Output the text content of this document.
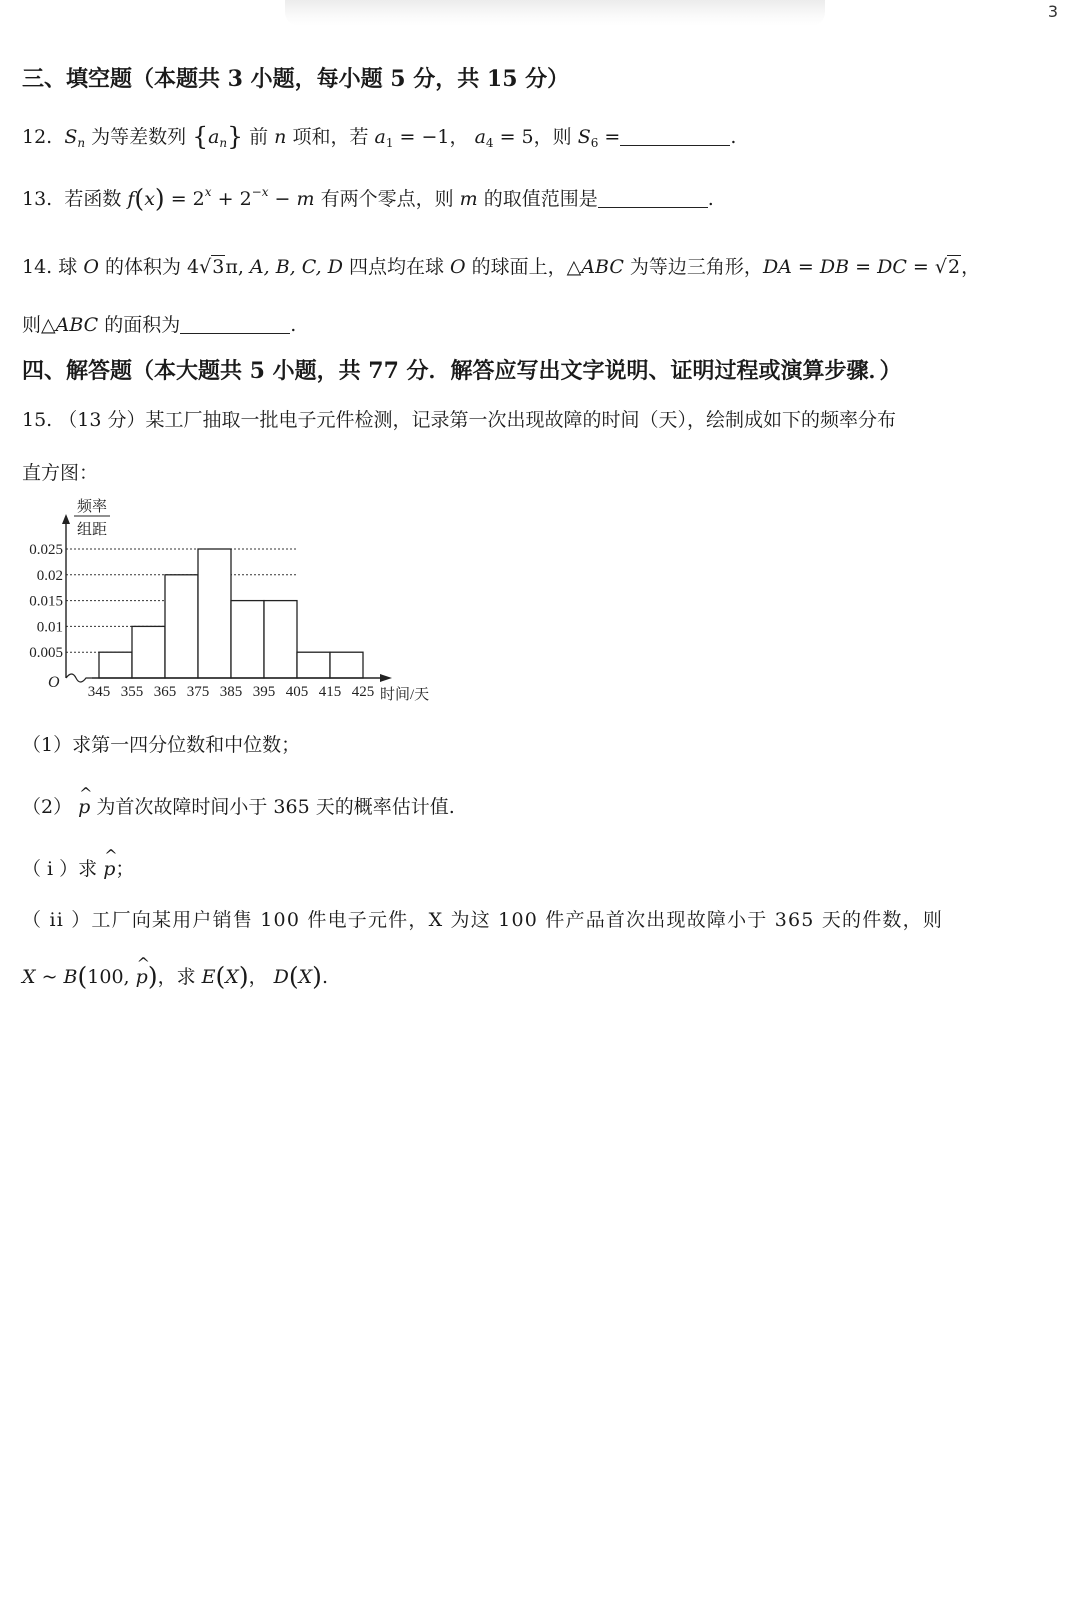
3
三、填空题（本题共 3 小题，每小题 5 分，共 15 分）
12. $S_n$ 为等差数列 $\{a_n\}$ 前 n 项和，若 $a_1 = -1$， $a_4 = 5$，则 $S_6$ =	.
13. 若函数 $f(x) = 2^x + 2^{-x} - m$ 有两个零点，则 m 的取值范围是	.
14. 球 O 的体积为 4√3π, A, B, C, D 四点均在球 O 的球面上，△ABC 为等边三角形，DA = DB = DC = √2，
则△ABC 的面积为	.
四、解答题（本大题共 5 小题，共 77 分．解答应写出文字说明、证明过程或演算步骤．）
15. （13 分）某工厂抽取一批电子元件检测，记录第一次出现故障的时间（天），绘制成如下的频率分布
直方图：
0.005
0.01
0.015
0.02
0.025
345 355 365 375 385 395 405 415 425
O
时间/天
频率
组距
（1）求第一四分位数和中位数；
（2） ^ p 为首次故障时间小于 365 天的概率估计值.
（ i ）求 ^ p；
（ ii ）工厂向某用户销售 100 件电子元件，X 为这 100 件产品首次出现故障小于 365 天的件数，则
X ~ B(100, ^ p)，求 E(X)， D(X).
